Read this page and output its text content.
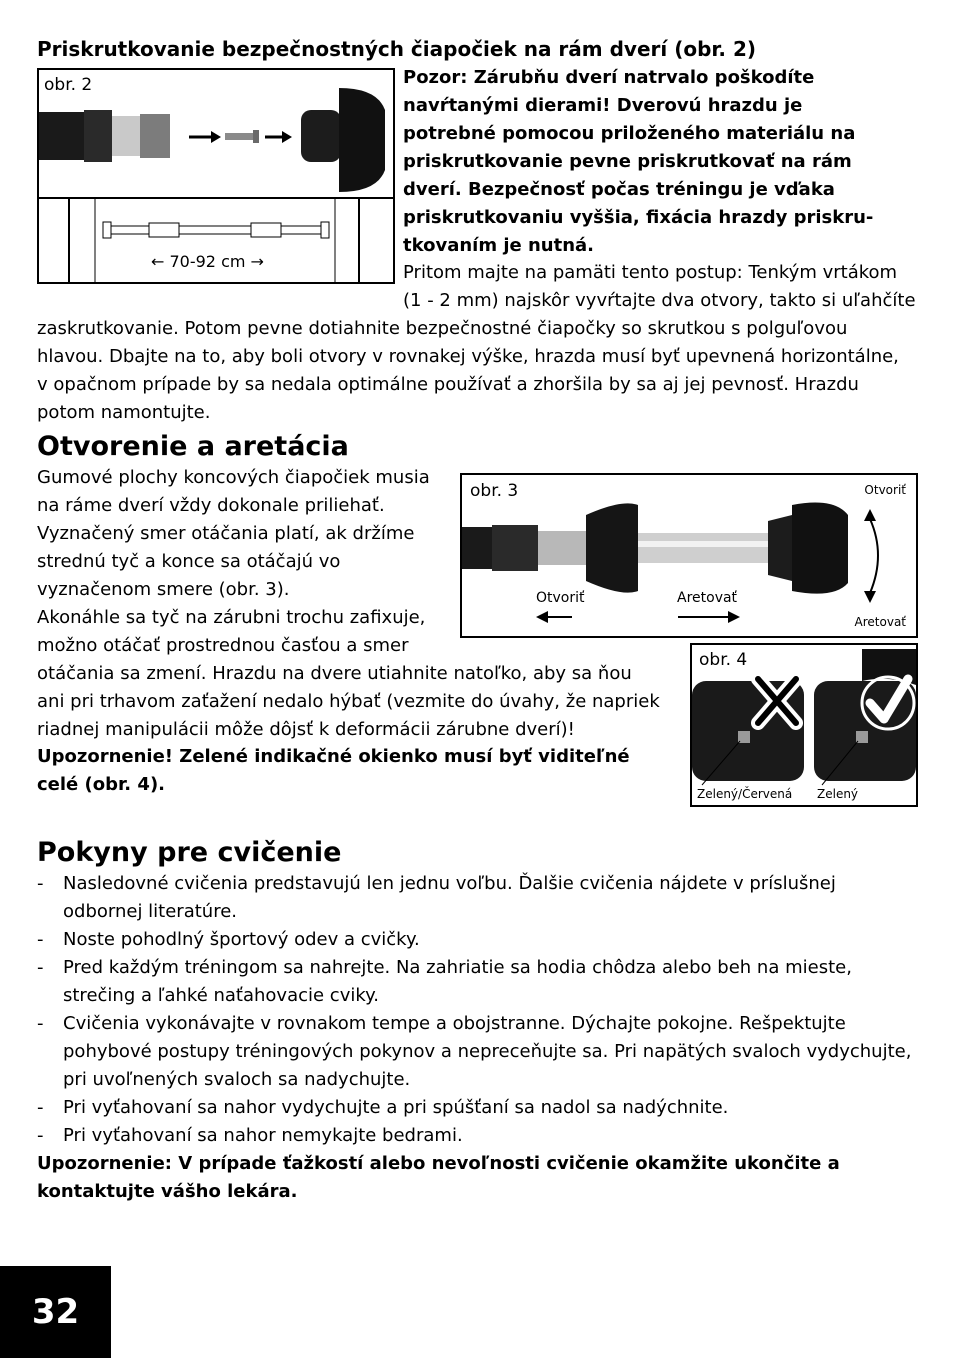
Priskrutkovanie bezpečnostných čiapočiek na rám dverí (obr. 2)
obr. 2
← 70-92 cm →
Pozor: Zárubňu dverí natrvalo poškodíte
navŕtanými dierami! Dverovú hrazdu je
potrebné pomocou priloženého materiálu na
priskrutkovanie pevne priskrutkovať na rám
dverí. Bezpečnosť počas tréningu je vďaka
priskrutkovaniu vyššia, fixácia hrazdy priskru-
tkovaním je nutná.
Pritom majte na pamäti tento postup: Tenkým vrtákom
(1 - 2 mm) najskôr vyvŕtajte dva otvory, takto si uľahčíte
zaskrutkovanie. Potom pevne dotiahnite bezpečnostné čiapočky so skrutkou s polguľovou
hlavou. Dbajte na to, aby boli otvory v rovnakej výške, hrazda musí byť upevnená horizontálne,
v opačnom prípade by sa nedala optimálne používať a zhoršila by sa aj jej pevnosť. Hrazdu
potom namontujte.
Otvorenie a aretácia
Gumové plochy koncových čiapočiek musia
na ráme dverí vždy dokonale priliehať.
Vyznačený smer otáčania platí, ak držíme
strednú tyč a konce sa otáčajú vo
vyznačenom smere (obr. 3).
Akonáhle sa tyč na zárubni trochu zafixuje,
možno otáčať prostrednou časťou a smer
obr. 3	Otvoriť
Otvoriť	Aretovať
Aretovať
otáčania sa zmení. Hrazdu na dvere utiahnite natoľko, aby sa ňou
ani pri trhavom zaťažení nedalo hýbať (vezmite do úvahy, že napriek
riadnej manipulácii môže dôjsť k deformácii zárubne dverí)!
Upozornenie! Zelené indikačné okienko musí byť viditeľné
celé (obr. 4).
obr. 4
Zelený/Červená Zelený
Pokyny pre cvičenie
- Nasledovné cvičenia predstavujú len jednu voľbu. Ďalšie cvičenia nájdete v príslušnej
odbornej literatúre.
- Noste pohodlný športový odev a cvičky.
- Pred každým tréningom sa nahrejte. Na zahriatie sa hodia chôdza alebo beh na mieste,
strečing a ľahké naťahovacie cviky.
- Cvičenia vykonávajte v rovnakom tempe a obojstranne. Dýchajte pokojne. Rešpektujte
pohybové postupy tréningových pokynov a nepreceňujte sa. Pri napätých svaloch vydychujte,
pri uvoľnených svaloch sa nadychujte.
- Pri vyťahovaní sa nahor vydychujte a pri spúšťaní sa nadol sa nadýchnite.
- Pri vyťahovaní sa nahor nemykajte bedrami.
Upozornenie: V prípade ťažkostí alebo nevoľnosti cvičenie okamžite ukončite a
kontaktujte vášho lekára.
32
